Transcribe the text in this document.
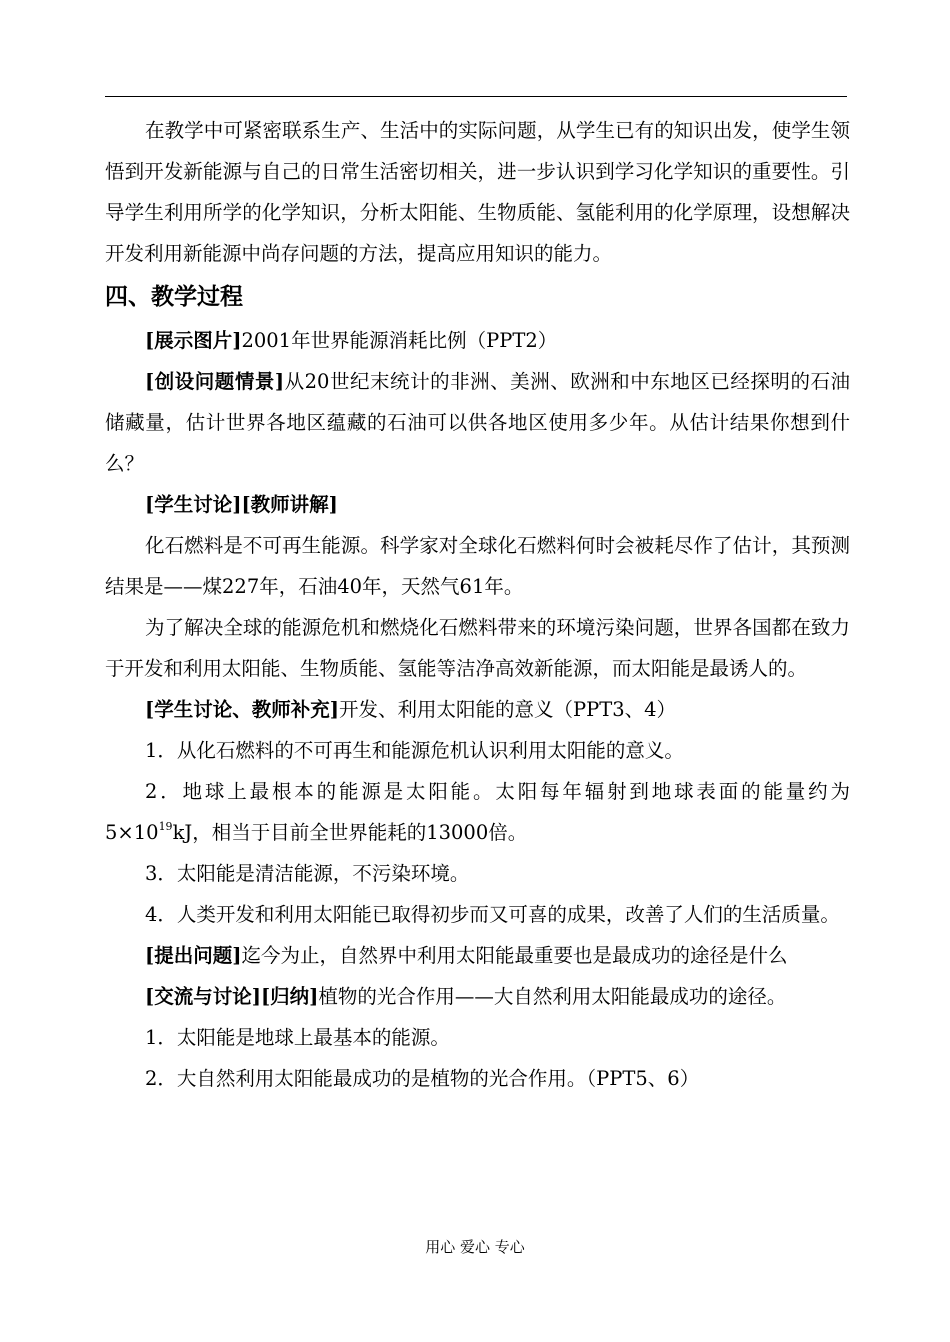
在教学中可紧密联系生产、生活中的实际问题，从学生已有的知识出发，使学生领悟到开发新能源与自己的日常生活密切相关，进一步认识到学习化学知识的重要性。引导学生利用所学的化学知识，分析太阳能、生物质能、氢能利用的化学原理，设想解决开发利用新能源中尚存问题的方法，提高应用知识的能力。

四、教学过程

[展示图片]2001年世界能源消耗比例（PPT2）

[创设问题情景]从20世纪末统计的非洲、美洲、欧洲和中东地区已经探明的石油储藏量，估计世界各地区蕴藏的石油可以供各地区使用多少年。从估计结果你想到什么？

[学生讨论][教师讲解]

化石燃料是不可再生能源。科学家对全球化石燃料何时会被耗尽作了估计，其预测结果是——煤227年，石油40年，天然气61年。

为了解决全球的能源危机和燃烧化石燃料带来的环境污染问题，世界各国都在致力于开发和利用太阳能、生物质能、氢能等洁净高效新能源，而太阳能是最诱人的。

[学生讨论、教师补充]开发、利用太阳能的意义（PPT3、4）

1．从化石燃料的不可再生和能源危机认识利用太阳能的意义。

2．地球上最根本的能源是太阳能。太阳每年辐射到地球表面的能量约为$5\times 10^{19}kJ$，相当于目前全世界能耗的13000倍。

3．太阳能是清洁能源，不污染环境。

4．人类开发和利用太阳能已取得初步而又可喜的成果，改善了人们的生活质量。

[提出问题]迄今为止，自然界中利用太阳能最重要也是最成功的途径是什么

[交流与讨论][归纳]植物的光合作用——大自然利用太阳能最成功的途径。

1．太阳能是地球上最基本的能源。

2．大自然利用太阳能最成功的是植物的光合作用。（PPT5、6）

用心 爱心 专心
